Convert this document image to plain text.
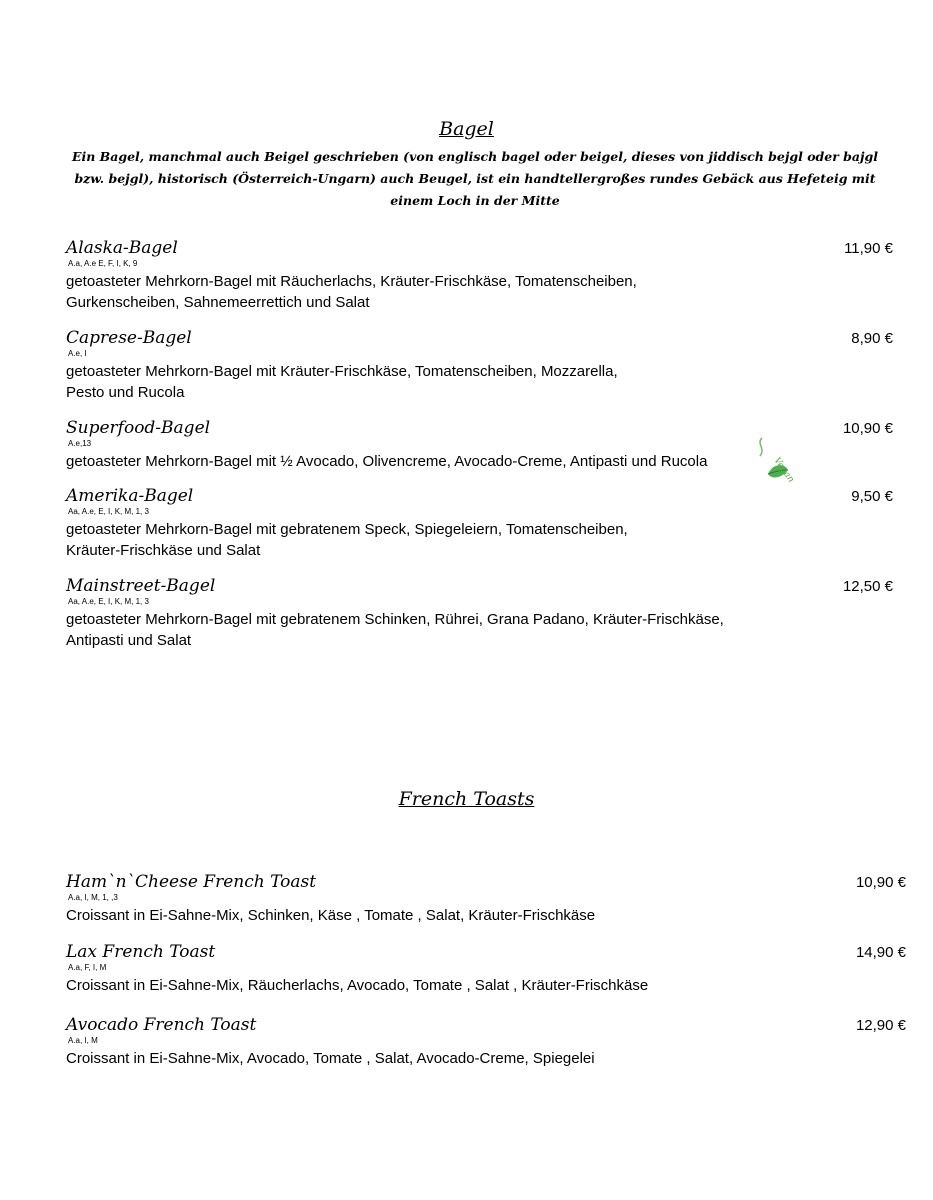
Bagel
Ein Bagel, manchmal auch Beigel geschrieben (von englisch bagel oder beigel, dieses von jiddisch bejgl oder bajgl bzw. bejgl), historisch (Österreich-Ungarn) auch Beugel, ist ein handtellergroßes rundes Gebäck aus Hefeteig mit einem Loch in der Mitte
Alaska-Bagel
A.a, A.e E, F, I, K, 9
getoasteter Mehrkorn-Bagel mit Räucherlachs, Kräuter-Frischkäse, Tomatenscheiben,
Gurkenscheiben, Sahnemeerrettich und Salat
11,90 €
Caprese-Bagel
A.e, I
getoasteter Mehrkorn-Bagel mit Kräuter-Frischkäse, Tomatenscheiben, Mozzarella,
Pesto und Rucola
8,90 €
Superfood-Bagel
A.e,13
getoasteter Mehrkorn-Bagel mit ½ Avocado, Olivencreme, Avocado-Creme, Antipasti und Rucola
10,90 €
Vegan
Amerika-Bagel
Aa, A.e, E, I, K, M, 1, 3
getoasteter Mehrkorn-Bagel mit gebratenem Speck, Spiegeleiern, Tomatenscheiben,
Kräuter-Frischkäse und Salat
9,50 €
Mainstreet-Bagel
Aa, A.e, E, I, K, M, 1, 3
getoasteter Mehrkorn-Bagel mit gebratenem Schinken, Rührei, Grana Padano, Kräuter-Frischkäse,
Antipasti und Salat
12,50 €
French Toasts
Ham`n`Cheese French Toast
A.a, I, M, 1, ,3
Croissant in Ei-Sahne-Mix, Schinken, Käse , Tomate , Salat, Kräuter-Frischkäse
10,90 €
Lax French Toast
A.a, F, I, M
Croissant in Ei-Sahne-Mix, Räucherlachs, Avocado, Tomate , Salat , Kräuter-Frischkäse
14,90 €
Avocado French Toast
A.a, I, M
Croissant in Ei-Sahne-Mix, Avocado, Tomate , Salat, Avocado-Creme, Spiegelei
12,90 €
